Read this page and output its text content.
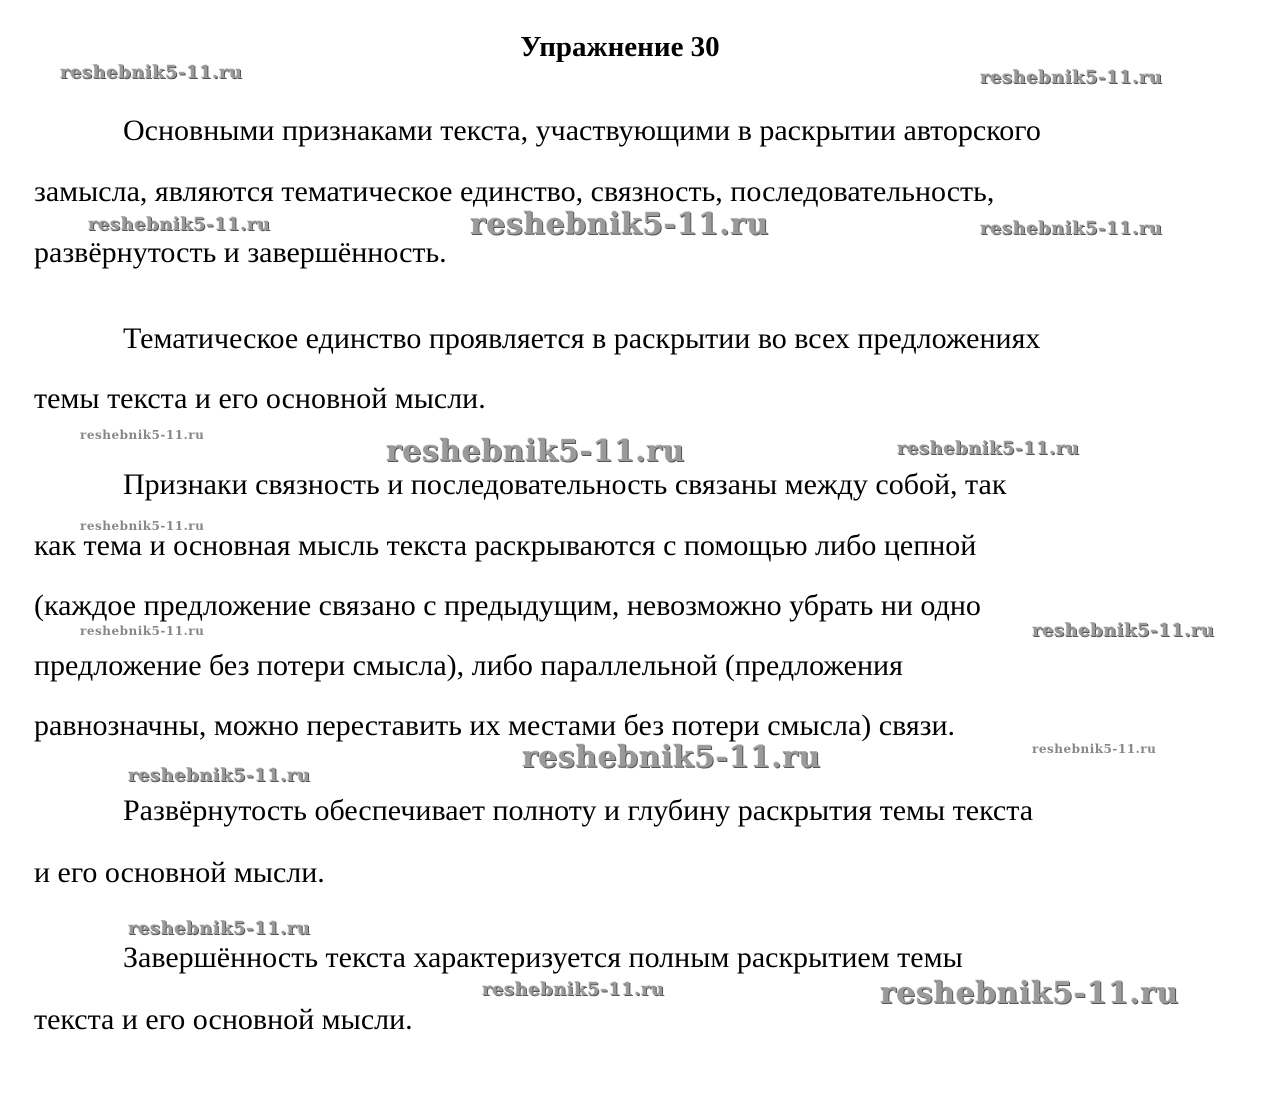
Упражнение 30
Основными признаками текста, участвующими в раскрытии авторского
замысла, являются тематическое единство, связность, последовательность,
развёрнутость и завершённость.
Тематическое единство проявляется в раскрытии во всех предложениях
темы текста и его основной мысли.
Признаки связность и последовательность связаны между собой, так
как тема и основная мысль текста раскрываются с помощью либо цепной
(каждое предложение связано с предыдущим, невозможно убрать ни одно
предложение без потери смысла), либо параллельной (предложения
равнозначны, можно переставить их местами без потери смысла) связи.
Развёрнутость обеспечивает полноту и глубину раскрытия темы текста
и его основной мысли.
Завершённость текста характеризуется полным раскрытием темы
текста и его основной мысли.
reshebnik5-11.ru	reshebnik5-11.ru
reshebnik5-11.ru	reshebnik5-11.ru	reshebnik5-11.ru
reshebnik5-11.ru	reshebnik5-11.ru	reshebnik5-11.ru
reshebnik5-11.ru
reshebnik5-11.ru	reshebnik5-11.ru
reshebnik5-11.ru
reshebnik5-11.ru
reshebnik5-11.ru
reshebnik5-11.ru
reshebnik5-11.ru	reshebnik5-11.ru
